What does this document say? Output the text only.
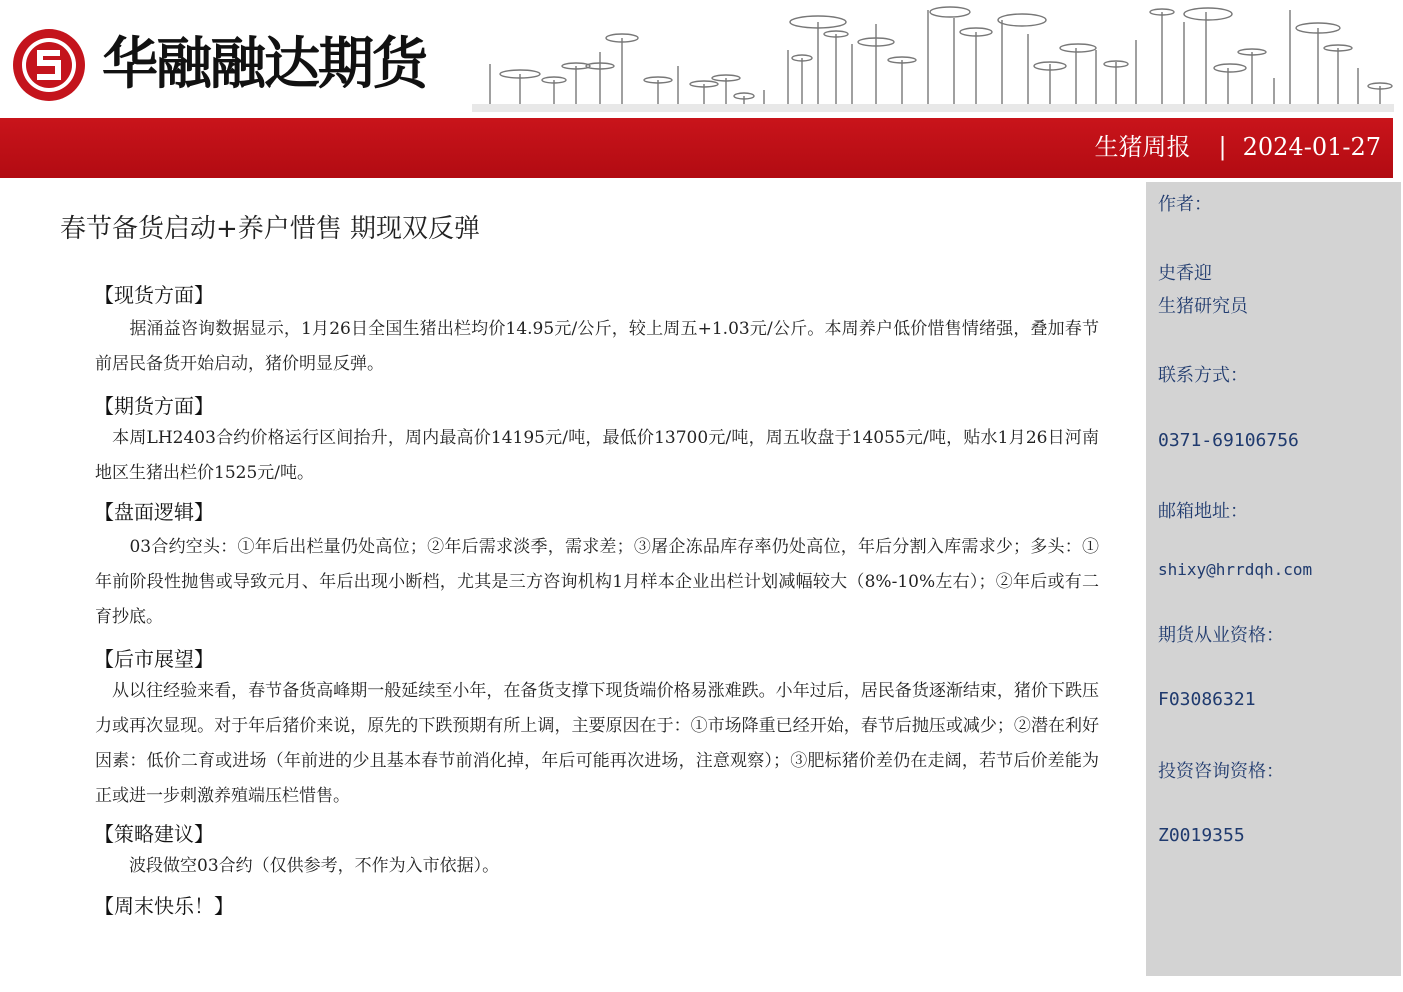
华融融达期货
生猪周报 | 2024-01-27
春节备货启动+养户惜售 期现双反弹
【现货方面】

　　据涌益咨询数据显示，1月26日全国生猪出栏均价14.95元/公斤，较上周五+1.03元/公斤。本周养户低价惜售情绪强，叠加春节前居民备货开始启动，猪价明显反弹。

【期货方面】

　本周LH2403合约价格运行区间抬升，周内最高价14195元/吨，最低价13700元/吨，周五收盘于14055元/吨，贴水1月26日河南地区生猪出栏价1525元/吨。

【盘面逻辑】

　　03合约空头：①年后出栏量仍处高位；②年后需求淡季，需求差；③屠企冻品库存率仍处高位，年后分割入库需求少；多头：①年前阶段性抛售或导致元月、年后出现小断档，尤其是三方咨询机构1月样本企业出栏计划减幅较大（8%-10%左右）；②年后或有二育抄底。

【后市展望】

　从以往经验来看，春节备货高峰期一般延续至小年，在备货支撑下现货端价格易涨难跌。小年过后，居民备货逐渐结束，猪价下跌压力或再次显现。对于年后猪价来说，原先的下跌预期有所上调，主要原因在于：①市场降重已经开始，春节后抛压或减少；②潜在利好因素：低价二育或进场（年前进的少且基本春节前消化掉，年后可能再次进场，注意观察）；③肥标猪价差仍在走阔，若节后价差能为正或进一步刺激养殖端压栏惜售。

【策略建议】

　　波段做空03合约（仅供参考，不作为入市依据）。

【周末快乐！】
作者：
史香迎
生猪研究员
联系方式：
0371-69106756
邮箱地址：
shixy@hrrdqh.com
期货从业资格：
F03086321
投资咨询资格：
Z0019355
